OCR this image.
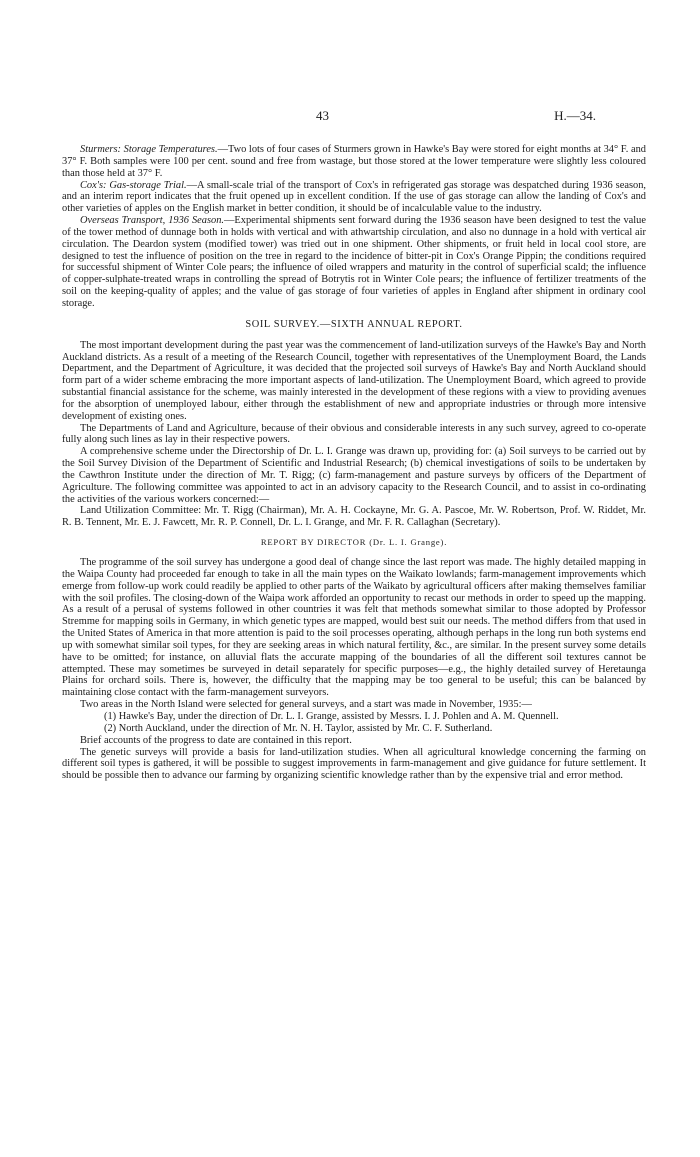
43	H.—34.

Sturmers: Storage Temperatures.—Two lots of four cases of Sturmers grown in Hawke's Bay were stored for eight months at 34° F. and 37° F. Both samples were 100 per cent. sound and free from wastage, but those stored at the lower temperature were slightly less coloured than those held at 37° F.

Cox's: Gas-storage Trial.—A small-scale trial of the transport of Cox's in refrigerated gas storage was despatched during 1936 season, and an interim report indicates that the fruit opened up in excellent condition. If the use of gas storage can allow the landing of Cox's and other varieties of apples on the English market in better condition, it should be of incalculable value to the industry.

Overseas Transport, 1936 Season.—Experimental shipments sent forward during the 1936 season have been designed to test the value of the tower method of dunnage both in holds with vertical and with athwartship circulation, and also no dunnage in a hold with vertical air circulation. The Deardon system (modified tower) was tried out in one shipment. Other shipments, or fruit held in local cool store, are designed to test the influence of position on the tree in regard to the incidence of bitter-pit in Cox's Orange Pippin; the conditions required for successful shipment of Winter Cole pears; the influence of oiled wrappers and maturity in the control of superficial scald; the influence of copper-sulphate-treated wraps in controlling the spread of Botrytis rot in Winter Cole pears; the influence of fertilizer treatments of the soil on the keeping-quality of apples; and the value of gas storage of four varieties of apples in England after shipment in ordinary cool storage.

SOIL SURVEY.—SIXTH ANNUAL REPORT.

The most important development during the past year was the commencement of land-utilization surveys of the Hawke's Bay and North Auckland districts. As a result of a meeting of the Research Council, together with representatives of the Unemployment Board, the Lands Department, and the Department of Agriculture, it was decided that the projected soil surveys of Hawke's Bay and North Auckland should form part of a wider scheme embracing the more important aspects of land-utilization. The Unemployment Board, which agreed to provide substantial financial assistance for the scheme, was mainly interested in the development of these regions with a view to providing avenues for the absorption of unemployed labour, either through the establishment of new and appropriate industries or through more intensive development of existing ones.

The Departments of Land and Agriculture, because of their obvious and considerable interests in any such survey, agreed to co-operate fully along such lines as lay in their respective powers.

A comprehensive scheme under the Directorship of Dr. L. I. Grange was drawn up, providing for: (a) Soil surveys to be carried out by the Soil Survey Division of the Department of Scientific and Industrial Research; (b) chemical investigations of soils to be undertaken by the Cawthron Institute under the direction of Mr. T. Rigg; (c) farm-management and pasture surveys by officers of the Department of Agriculture. The following committee was appointed to act in an advisory capacity to the Research Council, and to assist in co-ordinating the activities of the various workers concerned:—

Land Utilization Committee: Mr. T. Rigg (Chairman), Mr. A. H. Cockayne, Mr. G. A. Pascoe, Mr. W. Robertson, Prof. W. Riddet, Mr. R. B. Tennent, Mr. E. J. Fawcett, Mr. R. P. Connell, Dr. L. I. Grange, and Mr. F. R. Callaghan (Secretary).

REPORT BY DIRECTOR (Dr. L. I. Grange).

The programme of the soil survey has undergone a good deal of change since the last report was made. The highly detailed mapping in the Waipa County had proceeded far enough to take in all the main types on the Waikato lowlands; farm-management improvements which emerge from follow-up work could readily be applied to other parts of the Waikato by agricultural officers after making themselves familiar with the soil profiles. The closing-down of the Waipa work afforded an opportunity to recast our methods in order to speed up the mapping. As a result of a perusal of systems followed in other countries it was felt that methods somewhat similar to those adopted by Professor Stremme for mapping soils in Germany, in which genetic types are mapped, would best suit our needs. The method differs from that used in the United States of America in that more attention is paid to the soil processes operating, although perhaps in the long run both systems end up with somewhat similar soil types, for they are seeking areas in which natural fertility, &c., are similar. In the present survey some details have to be omitted; for instance, on alluvial flats the accurate mapping of the boundaries of all the different soil textures cannot be attempted. These may sometimes be surveyed in detail separately for specific purposes—e.g., the highly detailed survey of Heretaunga Plains for orchard soils. There is, however, the difficulty that the mapping may be too general to be useful; this can be balanced by maintaining close contact with the farm-management surveyors.

Two areas in the North Island were selected for general surveys, and a start was made in November, 1935:—

(1) Hawke's Bay, under the direction of Dr. L. I. Grange, assisted by Messrs. I. J. Pohlen and A. M. Quennell.

(2) North Auckland, under the direction of Mr. N. H. Taylor, assisted by Mr. C. F. Sutherland.

Brief accounts of the progress to date are contained in this report.

The genetic surveys will provide a basis for land-utilization studies. When all agricultural knowledge concerning the farming on different soil types is gathered, it will be possible to suggest improvements in farm-management and give guidance for future settlement. It should be possible then to advance our farming by organizing scientific knowledge rather than by the expensive trial and error method.
